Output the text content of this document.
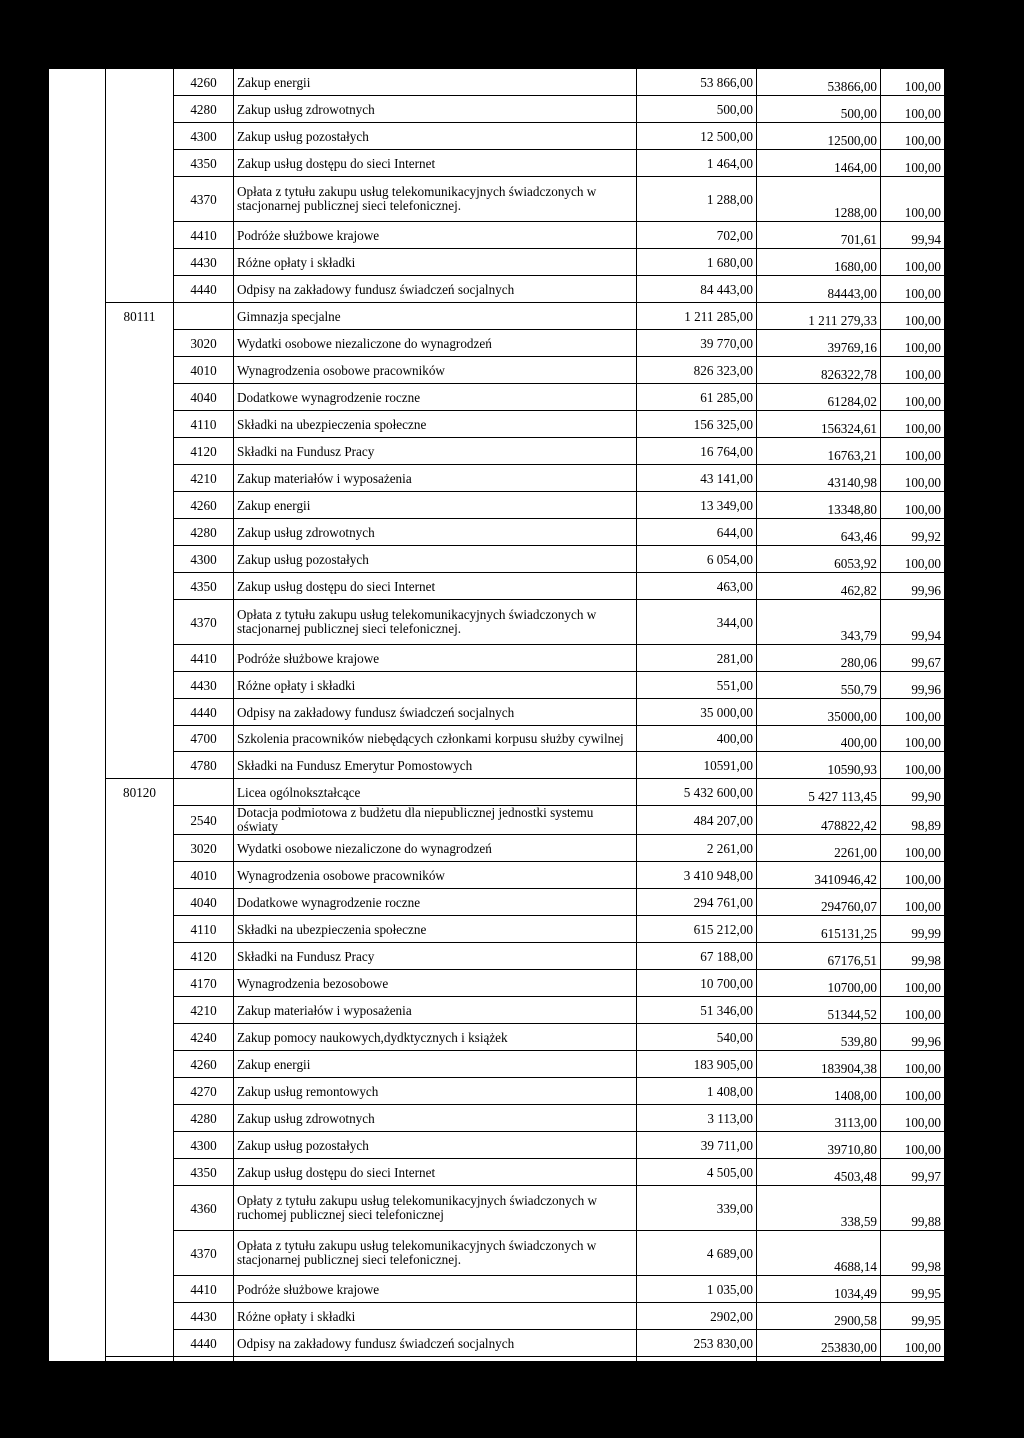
		4260	Zakup energii	53 866,00	53866,00	100,00
		4280	Zakup usług zdrowotnych	500,00	500,00	100,00
		4300	Zakup usług pozostałych	12 500,00	12500,00	100,00
		4350	Zakup usług dostępu do sieci Internet	1 464,00	1464,00	100,00
		4370	Opłata z tytułu zakupu usług telekomunikacyjnych świadczonych w stacjonarnej publicznej sieci telefonicznej.	1 288,00	1288,00	100,00
		4410	Podróże służbowe krajowe	702,00	701,61	99,94
		4430	Różne opłaty i składki	1 680,00	1680,00	100,00
		4440	Odpisy na zakładowy fundusz świadczeń socjalnych	84 443,00	84443,00	100,00
	80111		Gimnazja specjalne	1 211 285,00	1 211 279,33	100,00
		3020	Wydatki osobowe niezaliczone do wynagrodzeń	39 770,00	39769,16	100,00
		4010	Wynagrodzenia osobowe pracowników	826 323,00	826322,78	100,00
		4040	Dodatkowe wynagrodzenie roczne	61 285,00	61284,02	100,00
		4110	Składki na ubezpieczenia społeczne	156 325,00	156324,61	100,00
		4120	Składki na Fundusz Pracy	16 764,00	16763,21	100,00
		4210	Zakup materiałów i wyposażenia	43 141,00	43140,98	100,00
		4260	Zakup energii	13 349,00	13348,80	100,00
		4280	Zakup usług zdrowotnych	644,00	643,46	99,92
		4300	Zakup usług pozostałych	6 054,00	6053,92	100,00
		4350	Zakup usług dostępu do sieci Internet	463,00	462,82	99,96
		4370	Opłata z tytułu zakupu usług telekomunikacyjnych świadczonych w stacjonarnej publicznej sieci telefonicznej.	344,00	343,79	99,94
		4410	Podróże służbowe krajowe	281,00	280,06	99,67
		4430	Różne opłaty i składki	551,00	550,79	99,96
		4440	Odpisy na zakładowy fundusz świadczeń socjalnych	35 000,00	35000,00	100,00
		4700	Szkolenia pracowników niebędących członkami korpusu służby cywilnej	400,00	400,00	100,00
		4780	Składki na Fundusz Emerytur Pomostowych	10591,00	10590,93	100,00
	80120		Licea ogólnokształcące	5 432 600,00	5 427 113,45	99,90
		2540	Dotacja podmiotowa z budżetu dla niepublicznej jednostki systemu oświaty	484 207,00	478822,42	98,89
		3020	Wydatki osobowe niezaliczone do wynagrodzeń	2 261,00	2261,00	100,00
		4010	Wynagrodzenia osobowe pracowników	3 410 948,00	3410946,42	100,00
		4040	Dodatkowe wynagrodzenie roczne	294 761,00	294760,07	100,00
		4110	Składki na ubezpieczenia społeczne	615 212,00	615131,25	99,99
		4120	Składki na Fundusz Pracy	67 188,00	67176,51	99,98
		4170	Wynagrodzenia bezosobowe	10 700,00	10700,00	100,00
		4210	Zakup materiałów i wyposażenia	51 346,00	51344,52	100,00
		4240	Zakup pomocy naukowych,dydktycznych i książek	540,00	539,80	99,96
		4260	Zakup energii	183 905,00	183904,38	100,00
		4270	Zakup usług remontowych	1 408,00	1408,00	100,00
		4280	Zakup usług zdrowotnych	3 113,00	3113,00	100,00
		4300	Zakup usług pozostałych	39 711,00	39710,80	100,00
		4350	Zakup usług dostępu do sieci Internet	4 505,00	4503,48	99,97
		4360	Opłaty z tytułu zakupu usług telekomunikacyjnych świadczonych w ruchomej publicznej sieci telefonicznej	339,00	338,59	99,88
		4370	Opłata z tytułu zakupu usług telekomunikacyjnych świadczonych w stacjonarnej publicznej sieci telefonicznej.	4 689,00	4688,14	99,98
		4410	Podróże służbowe krajowe	1 035,00	1034,49	99,95
		4430	Różne opłaty i składki	2902,00	2900,58	99,95
		4440	Odpisy na zakładowy fundusz świadczeń socjalnych	253 830,00	253830,00	100,00
	80123		Licea profilowane	858 492,00	858 449,27	100,00
		3020	Wydatki osobowe niezaliczone do wynagrodzeń	567,00	567,00	100,00
		4010				
